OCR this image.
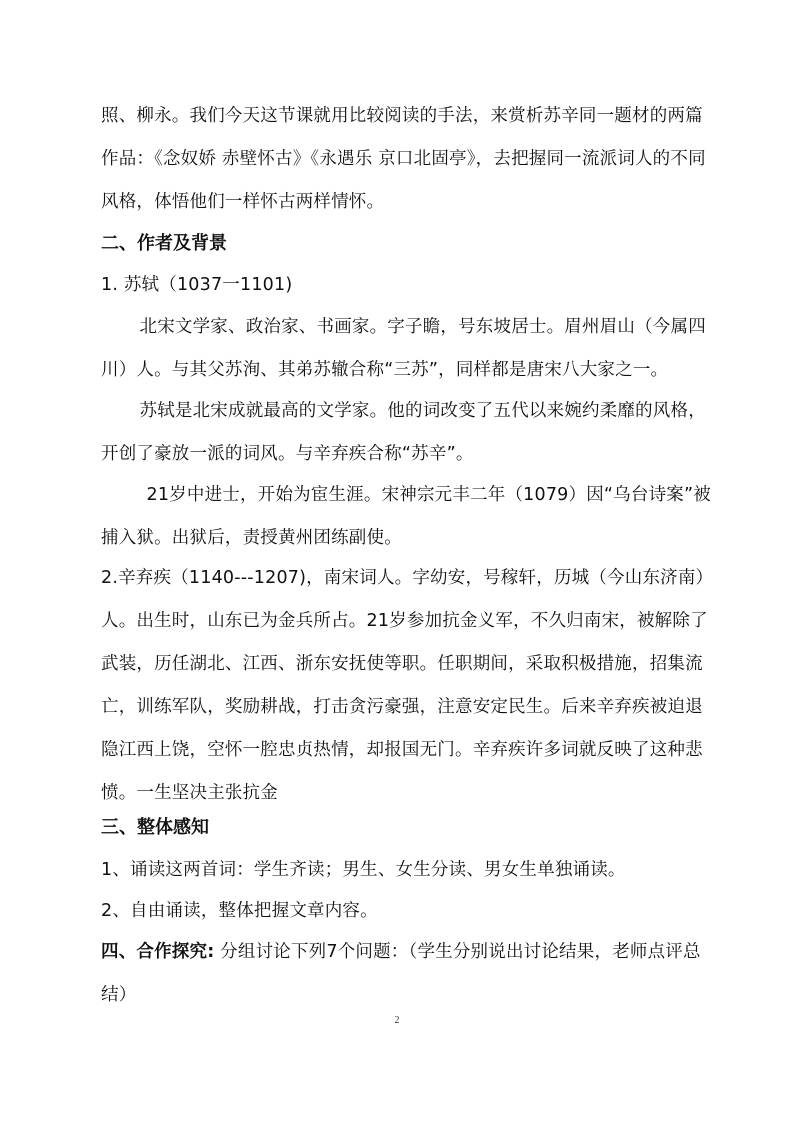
照、柳永。我们今天这节课就用比较阅读的手法，来赏析苏辛同一题材的两篇作品：《念奴娇 赤壁怀古》《永遇乐 京口北固亭》，去把握同一流派词人的不同风格，体悟他们一样怀古两样情怀。

二、作者及背景

1. 苏轼（1037一1101)

北宋文学家、政治家、书画家。字子瞻，号东坡居士。眉州眉山（今属四川）人。与其父苏洵、其弟苏辙合称“三苏”，同样都是唐宋八大家之一。

苏轼是北宋成就最高的文学家。他的词改变了五代以来婉约柔靡的风格，开创了豪放一派的词风。与辛弃疾合称“苏辛”。

21岁中进士，开始为宦生涯。宋神宗元丰二年（1079）因“乌台诗案”被捕入狱。出狱后，责授黄州团练副使。

2.辛弃疾（1140---1207)，南宋词人。字幼安，号稼轩，历城（今山东济南）人。出生时，山东已为金兵所占。21岁参加抗金义军，不久归南宋，被解除了武装，历任湖北、江西、浙东安抚使等职。任职期间，采取积极措施，招集流亡，训练军队，奖励耕战，打击贪污豪强，注意安定民生。后来辛弃疾被迫退隐江西上饶，空怀一腔忠贞热情，却报国无门。辛弃疾许多词就反映了这种悲愤。一生坚决主张抗金

三、整体感知

1、诵读这两首词：学生齐读；男生、女生分读、男女生单独诵读。

2、自由诵读，整体把握文章内容。

四、合作探究: 分组讨论下列7个问题：（学生分别说出讨论结果，老师点评总结）

2
